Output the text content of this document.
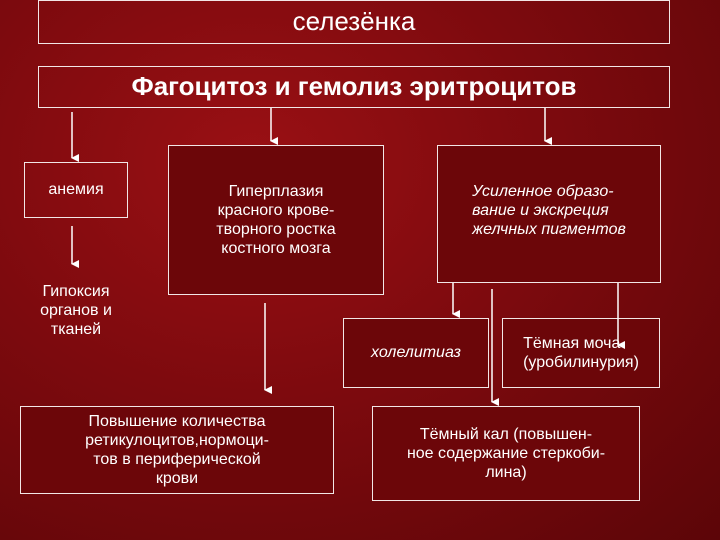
селезёнка
Фагоцитоз и гемолиз эритроцитов
анемия	Гиперплазия
красного крове-
творного ростка
костного мозга
Усиленное образо-
вание и экскреция
желчных пигментов
Гипоксия
органов и
тканей
холелитиаз
Тёмная моча
(уробилинурия)
Повышение количества
ретикулоцитов,нормоци-
тов в периферической
крови
Тёмный кал (повышен-
ное содержание стеркоби-
лина)
